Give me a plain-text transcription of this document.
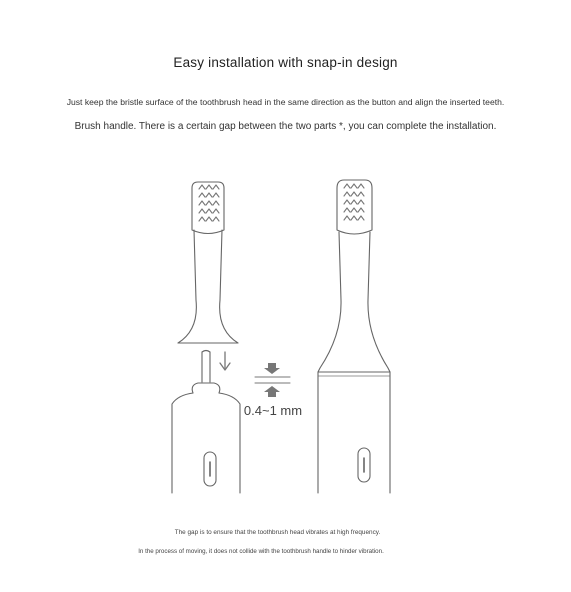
Easy installation with snap-in design
Just keep the bristle surface of the toothbrush head in the same direction as the button and align the inserted teeth.
Brush handle. There is a certain gap between the two parts *, you can complete the installation.
0.4~1 mm
The gap is to ensure that the toothbrush head vibrates at high frequency.
In the process of moving, it does not collide with the toothbrush handle to hinder vibration.
